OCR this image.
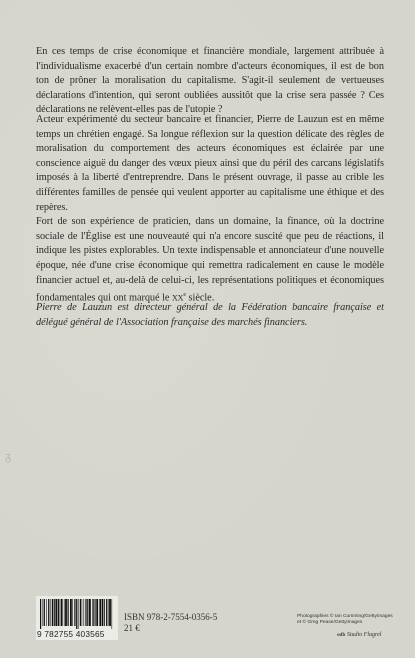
En ces temps de crise économique et financière mondiale, largement attribuée à l'individualisme exacerbé d'un certain nombre d'acteurs économiques, il est de bon ton de prôner la moralisation du capitalisme. S'agit-il seulement de vertueuses déclarations d'intention, qui seront oubliées aussitôt que la crise sera passée ? Ces déclarations ne relèvent-elles pas de l'utopie ?

Acteur expérimenté du secteur bancaire et financier, Pierre de Lauzun est en même temps un chrétien engagé. Sa longue réflexion sur la question délicate des règles de moralisation du comportement des acteurs économiques est éclairée par une conscience aiguë du danger des vœux pieux ainsi que du péril des carcans législatifs imposés à la liberté d'entreprendre. Dans le présent ouvrage, il passe au crible les différentes familles de pensée qui veulent apporter au capitalisme une éthique et des repères.

Fort de son expérience de praticien, dans un domaine, la finance, où la doctrine sociale de l'Église est une nouveauté qui n'a encore suscité que peu de réactions, il indique les pistes explorables. Un texte indispensable et annonciateur d'une nouvelle époque, née d'une crise économique qui remettra radicalement en cause le modèle financier actuel et, au-delà de celui-ci, les représentations politiques et économiques fondamentales qui ont marqué le XXe siècle.

Pierre de Lauzun est directeur général de la Fédération bancaire française et délégué général de l'Association française des marchés financiers.

ᵹ
9 782755 403565
ISBN 978-2-7554-0356-5
21 €
Photographies © Ian Cumming/Gettyimages
et © Greg Pease/Gettyimages
ssfb Studio Flagrel
